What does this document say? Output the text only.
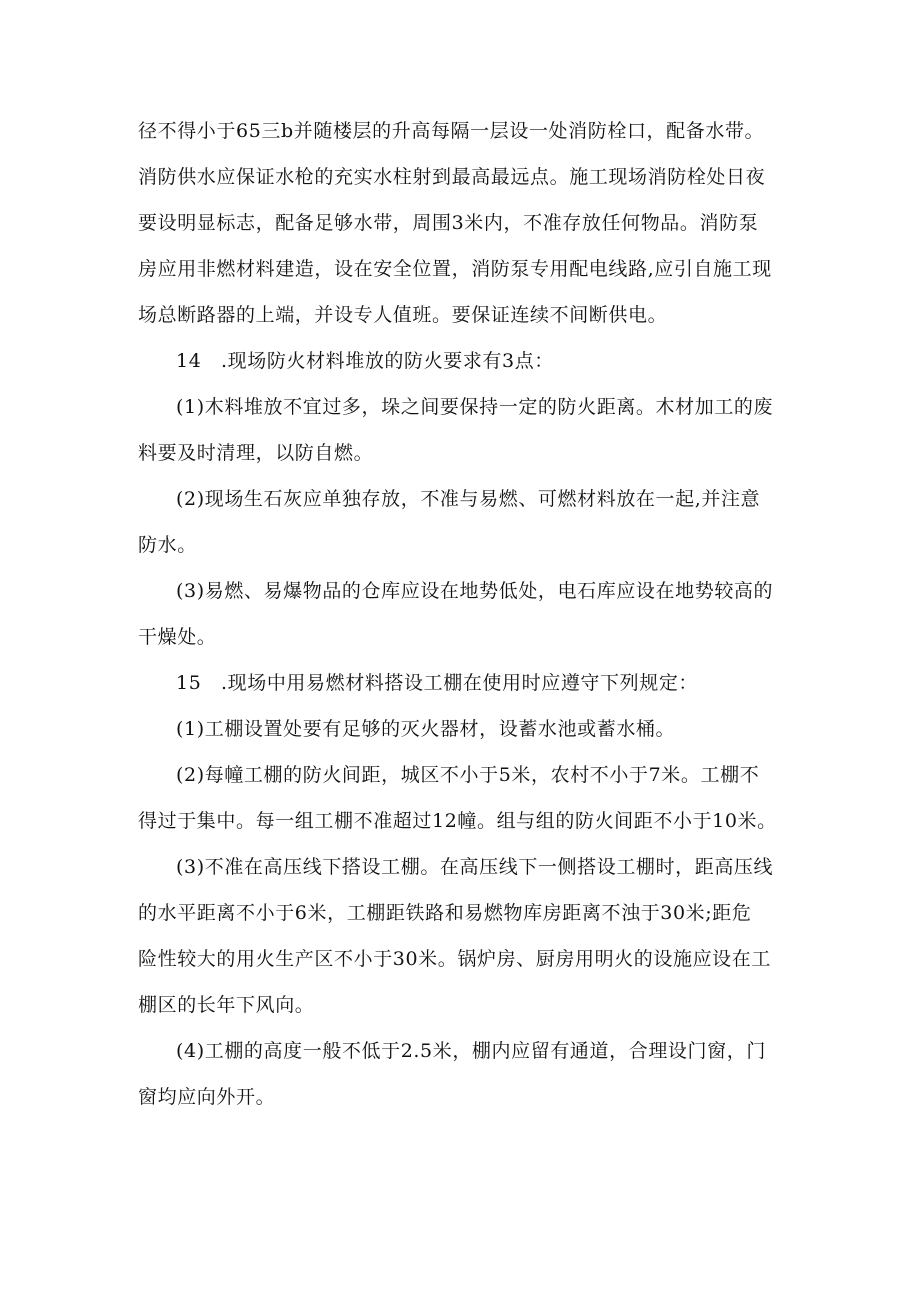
径不得小于65三b并随楼层的升高每隔一层设一处消防栓口，配备水带。
消防供水应保证水枪的充实水柱射到最高最远点。施工现场消防栓处日夜
要设明显标志，配备足够水带，周围3米内，不准存放任何物品。消防泵
房应用非燃材料建造，设在安全位置，消防泵专用配电线路,应引自施工现
场总断路器的上端，并设专人值班。要保证连续不间断供电。
14　.现场防火材料堆放的防火要求有3点：
(1)木料堆放不宜过多，垛之间要保持一定的防火距离。木材加工的废
料要及时清理，以防自燃。
(2)现场生石灰应单独存放，不准与易燃、可燃材料放在一起,并注意
防水。
(3)易燃、易爆物品的仓库应设在地势低处，电石库应设在地势较高的
干燥处。
15　.现场中用易燃材料搭设工棚在使用时应遵守下列规定：
(1)工棚设置处要有足够的灭火器材，设蓄水池或蓄水桶。
(2)每幢工棚的防火间距，城区不小于5米，农村不小于7米。工棚不
得过于集中。每一组工棚不准超过12幢。组与组的防火间距不小于10米。
(3)不准在高压线下搭设工棚。在高压线下一侧搭设工棚时，距高压线
的水平距离不小于6米，工棚距铁路和易燃物库房距离不浊于30米;距危
险性较大的用火生产区不小于30米。锅炉房、厨房用明火的设施应设在工
棚区的长年下风向。
(4)工棚的高度一般不低于2.5米，棚内应留有通道，合理设门窗，门
窗均应向外开。
